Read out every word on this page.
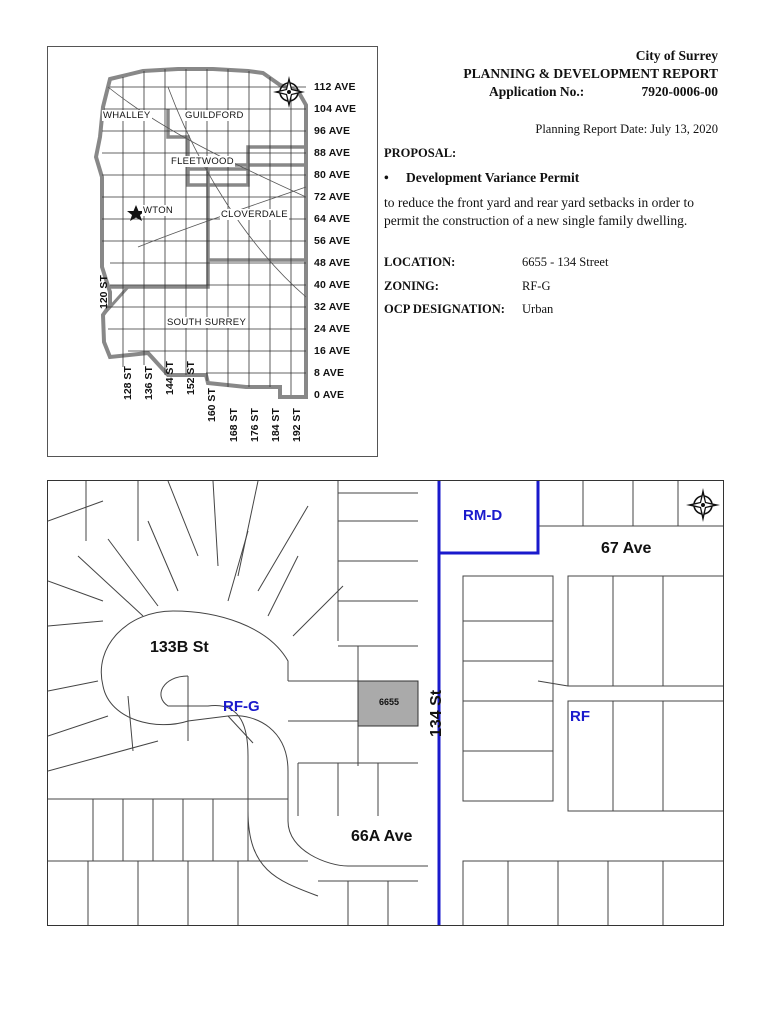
WHALLEY	GUILDFORD
FLEETWOOD
WTON	CLOVERDALE
SOUTH SURREY
112 AVE
104 AVE
96 AVE
88 AVE
80 AVE
72 AVE
64 AVE
56 AVE
48 AVE
40 AVE
32 AVE
24 AVE
16 AVE
8 AVE
0 AVE
120 ST
128 ST 136 ST 144 ST 152 ST
160 ST
168 ST 176 ST 184 ST 192 ST
City of Surrey
PLANNING & DEVELOPMENT REPORT
Application No.:	7920-0006-00
Planning Report Date: July 13, 2020
PROPOSAL:
• Development Variance Permit
to reduce the front yard and rear yard setbacks in order to permit the construction of a new single family dwelling.
LOCATION:	6655 - 134 Street
ZONING:	RF-G
OCP DESIGNATION: Urban
133B St
67 Ave
66A Ave
134 St
RM-D
RF-G
RF
6655
